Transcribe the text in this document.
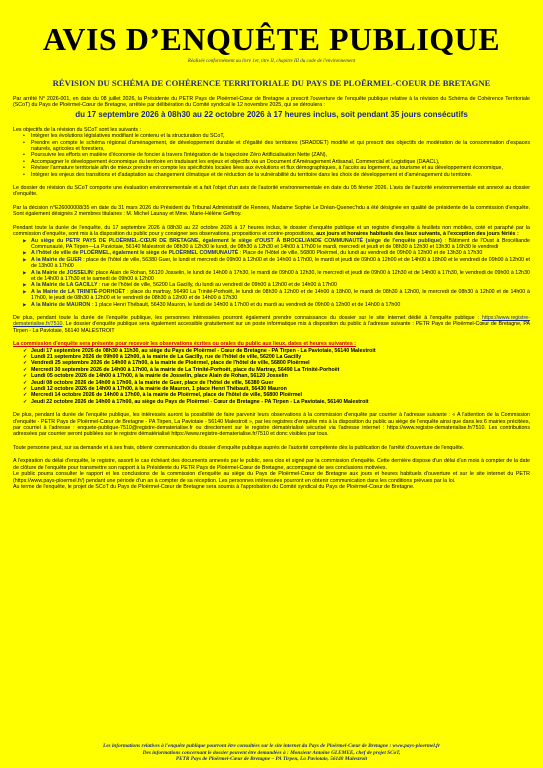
AVIS D’ENQUÊTE PUBLIQUE
Réalisée conformément au livre 1er, titre II, chapitre III du code de l'environnement
RÉVISION DU SCHÉMA DE COHÉRENCE TERRITORIALE DU PAYS DE PLOËRMEL-COEUR DE BRETAGNE

Par arrêté N° 2026-001, en date du 08 juillet 2026, la Présidente du PETR Pays de Ploërmel-Cœur de Bretagne a prescrit l'ouverture de l'enquête publique relative à la révision du Schéma de Cohérence Territoriale (SCoT) du Pays de Ploërmel-Cœur de Bretagne, arrêtée par délibération du Comité syndical le 12 novembre 2025, qui se déroulera :

du 17 septembre 2026 à 08h30 au 22 octobre 2026 à 17 heures inclus, soit pendant 35 jours consécutifs

Les objectifs de la révision du SCoT sont les suivants :

• Intégrer les évolutions législatives modifiant le contenu et la structuration du SCoT,
• Prendre en compte le schéma régional d'aménagement, de développement durable et d'égalité des territoires (SRADDET) modifié et qui prescrit des objectifs de modération de la consommation d'espaces naturels, agricoles et forestiers,
• Poursuivre les efforts en matière d'économie de foncier à travers l'intégration de la trajectoire Zéro Artificialisation Nette (ZAN),
• Accompagner le développement économique du territoire en traduisant les enjeux et objectifs via un Document d'Aménagement Artisanal, Commercial et Logistique (DAACL),
• Réviser l'armature territoriale afin de mieux prendre en compte les spécificités locales liées aux évolutions et flux démographiques, à l'accès au logement, au tourisme et au développement économique,
• Intégrer les enjeux des transitions et d'adaptation au changement climatique et de réduction de la vulnérabilité du territoire dans les choix de développement et d'aménagement du territoire.

Le dossier de révision du SCoT comporte une évaluation environnementale et a fait l'objet d'un avis de l'autorité environnementale en date du 05 février 2026. L'avis de l'autorité environnementale est annexé au dossier d'enquête.

Par la décision n°E26000008/35 en date du 31 mars 2026 du Président du Tribunal Administratif de Rennes, Madame Sophie Le Dréan-Quenec'hdu a été désignée en qualité de présidente de la commission d'enquête. Sont également désignés 2 membres titulaires : M. Michel Launay et Mme. Marie-Hélène Geffroy.

Pendant toute la durée de l'enquête, du 17 septembre 2026 à 08h30 au 22 octobre 2026 à 17 heures inclus, le dossier d'enquête publique et un registre d'enquête à feuillets non mobiles, coté et paraphé par la commission d'enquête, sont mis à la disposition du public pour y consigner ses observations, propositions et contre-propositions, aux jours et horaires habituels des lieux suivants, à l'exception des jours fériés :

▶ Au siège du PETR PAYS DE PLOËRMEL-CŒUR DE BRETAGNE, également le siège d'OUST À BROCELIANDE COMMUNAUTÉ (siège de l'enquête publique) : Bâtiment de l'Oust à Brocéliande Communauté, PA Tirpen—La Paviotaie, 56140 Malestroit de 08h30 à 12h30 le lundi, de 08h30 à 12h30 et 14h00 à 17h00 le mardi, mercredi et jeudi et de 08h30 à 12h30 et 13h30 à 16h30 le vendredi
▶ A l'hôtel de ville de PLOËRMEL, également le siège de PLOËRMEL COMMUNAUTÉ : Place de l'Hôtel de ville, 56800 Ploërmel, du lundi au vendredi de 09h00 à 12h00 et de 13h30 à 17h30
▶ A la Mairie de GUER : place de l'hôtel de ville, 56380 Guer, le lundi et mercredi de 09h00 à 12h00 et de 14h00 à 17h00, le mardi et jeudi de 09h00 à 12h00 et de 14h00 à 18h00 et le vendredi de 09h00 à 12h00 et de 13h00 à 17h00
▶ A la Mairie de JOSSELIN: place Alain de Rohan, 56120 Josselin, le lundi de 14h00 à 17h30, le mardi de 09h00 à 12h30, le mercredi et jeudi de 09h00 à 12h30 et de 14h00 à 17h30, le vendredi de 09h00 à 12h30 et de 14h00 à 17h30 et le samedi de 09h00 à 12h00
▶ A la Mairie de LA GACILLY : rue de l'hôtel de ville, 56200 La Gacilly, du lundi au vendredi de 09h00 à 12h00 et de 14h00 à 17h00
▶ A la Mairie de LA TRINITÉ-PORHOËT : place du martray, 56490 La Trinité-Porhoët, le lundi de 08h30 à 12h00 et de 14h00 à 18h00, le mardi de 08h30 à 12h00, le mercredi de 08h30 à 12h00 et de 14h00 à 17h00, le jeudi de 08h30 à 12h00 et le vendredi de 08h30 à 12h00 et de 14h00 à 17h30
▶ A la Mairie de MAURON : 1 place Henri Thébault, 56430 Mauron, le lundi de 14h00 à 17h00 et du mardi au vendredi de 09h00 à 12h00 et de 14h00 à 17h00

De plus, pendant toute la durée de l'enquête publique, les personnes intéressées pourront également prendre connaissance du dossier sur le site internet dédié à l'enquête publique : https://www.registre-dematerialise.fr/7510. Le dossier d'enquête publique sera également accessible gratuitement sur un poste informatique mis à disposition du public à l'adresse suivante : PETR Pays de Ploërmel-Cœur de Bretagne, PA Tirpen - La Paviotaie, 56140 MALESTROIT

La commission d'enquête sera présente pour recevoir les observations écrites ou orales du public aux lieux, dates et heures suivantes :

✓ Jeudi 17 septembre 2026 de 08h30 à 11h30, au siège du Pays de Ploërmel - Cœur de Bretagne - PA Tirpen - La Paviotaie, 56140 Malestroit
✓ Lundi 21 septembre 2026 de 09h00 à 12h00, à la mairie de La Gacilly, rue de l'hôtel de ville, 56200 La Gacilly
✓ Vendredi 25 septembre 2026 de 14h00 à 17h00, à la mairie de Ploërmel, place de l'hôtel de ville, 56800 Ploërmel
✓ Mercredi 30 septembre 2026 de 14h00 à 17h00, à la mairie de La Trinité-Porhoët, place du Martray, 56490 La Trinité-Porhoët
✓ Lundi 05 octobre 2026 de 14h00 à 17h00, à la mairie de Josselin, place Alain de Rohan, 56120 Josselin
✓ Jeudi 08 octobre 2026 de 14h00 à 17h00, à la mairie de Guer, place de l'hôtel de ville, 56380 Guer
✓ Lundi 12 octobre 2026 de 14h00 à 17h00, à la mairie de Mauron, 1 place Henri Thébault, 56430 Mauron
✓ Mercredi 14 octobre 2026 de 14h00 à 17h00, à la mairie de Ploërmel, place de l'hôtel de ville, 56800 Ploërmel
✓ Jeudi 22 octobre 2026 de 14h00 à 17h00, au siège du Pays de Ploërmel - Cœur de Bretagne - PA Tirpen - La Paviotaie, 56140 Malestroit

De plus, pendant la durée de l'enquête publique, les intéressés auront la possibilité de faire parvenir leurs observations à la commission d'enquête par courrier à l'adresse suivante : « A l'attention de la Commission d'enquête - PETR Pays de Ploërmel-Cœur de Bretagne - PA Tirpen, La Paviotaie - 56140 Malestroit », par les registres d'enquête mis à la disposition du public au siège de l'enquête ainsi que dans les 6 mairies précitées, par courriel à l'adresse : enquete-publique-7510@registre-dematerialise.fr ou directement sur le registre dématérialisé sécurisé via l'adresse internet : https://www.registre-dematerialise.fr/7510. Les contributions adressées par courrier seront publiées sur le registre dématérialisé https://www.registre-dematerialise.fr/7510 et donc visibles par tous.

Toute personne peut, sur sa demande et à ses frais, obtenir communication du dossier d'enquête publique auprès de l'autorité compétente dès la publication de l'arrêté d'ouverture de l'enquête.

A l'expiration du délai d'enquête, le registre, assorti le cas échéant des documents annexés par le public, sera clos et signé par la commission d'enquête. Cette dernière dispose d'un délai d'un mois à compter de la date de clôture de l'enquête pour transmettre son rapport à la Présidente du PETR Pays de Ploërmel-Cœur de Bretagne, accompagné de ses conclusions motivées.

Le public pourra consulter le rapport et les conclusions de la commission d'enquête au siège du Pays de Ploërmel-Cœur de Bretagne aux jours et heures habituels d'ouverture et sur le site internet du PETR (https://www.pays-ploermel.fr/) pendant une période d'un an à compter de sa réception. Les personnes intéressées pourront en obtenir communication dans les conditions prévues par la loi.

Au terme de l'enquête, le projet de SCoT du Pays de Ploërmel-Cœur de Bretagne sera soumis à l'approbation du Comité syndical du Pays de Ploërmel-Cœur de Bretagne.

Les informations relatives à l'enquête publique pourront être consultées sur le site internet du Pays de Ploërmel-Cœur de Bretagne : www.pays-ploermel.fr
Des informations concernant le dossier peuvent être demandées à : Monsieur Antoine GLEMEE, chef de projet SCoT,
PETR Pays de Ploërmel-Cœur de Bretagne – PA Tirpen, La Paviotaie, 56140 Malestroit
